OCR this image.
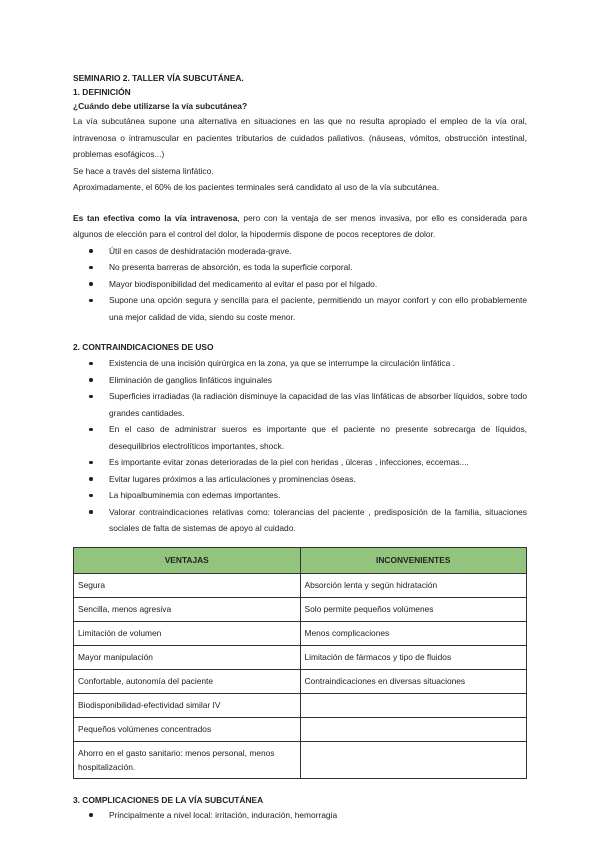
SEMINARIO 2. TALLER VÍA SUBCUTÁNEA.
1. DEFINICIÓN
¿Cuándo debe utilizarse la vía subcutánea?

La vía subcutánea supone una alternativa en situaciones en las que no resulta apropiado el empleo de la vía oral, intravenosa o intramuscular en pacientes tributarios de cuidados paliativos. (náuseas, vómitos, obstrucción intestinal, problemas esofágicos...)

Se hace a través del sistema linfático.

Aproximadamente, el 60% de los pacientes terminales será candidato al uso de la vía subcutánea.

Es tan efectiva como la vía intravenosa, pero con la ventaja de ser menos invasiva, por ello es considerada para algunos de elección para el control del dolor, la hipodermis dispone de pocos receptores de dolor.

Útil en casos de deshidratación moderada-grave.
No presenta barreras de absorción, es toda la superficie corporal.
Mayor biodisponibilidad del medicamento al evitar el paso por el hígado.
Supone una opción segura y sencilla para el paciente, permitiendo un mayor confort y con ello probablemente una mejor calidad de vida, siendo su coste menor.
2. CONTRAINDICACIONES DE USO
Existencia de una incisión quirúrgica en la zona, ya que se interrumpe la circulación linfática .
Eliminación de ganglios linfáticos inguinales
Superficies irradiadas (la radiación disminuye la capacidad de las vías linfáticas de absorber líquidos, sobre todo grandes cantidades.
En el caso de administrar sueros es importante que el paciente no presente sobrecarga de líquidos, desequilibrios electrolíticos importantes, shock.
Es importante evitar zonas deterioradas de la piel con heridas , úlceras , infecciones, eccemas....
Evitar lugares próximos a las articulaciones y prominencias óseas.
La hipoalbuminemia con edemas importantes.
Valorar contraindicaciones relativas como: tolerancias del paciente , predisposición de la familia, situaciones sociales de falta de sistemas de apoyo al cuidado.
VENTAJAS	INCONVENIENTES
Segura	Absorción lenta y según hidratación
Sencilla, menos agresiva	Solo permite pequeños volúmenes
Limitación de volumen	Menos complicaciones
Mayor manipulación	Limitación de fármacos y tipo de fluidos
Confortable, autonomía del paciente	Contraindicaciones en diversas situaciones
Biodisponibilidad-efectividad similar IV	
Pequeños volúmenes concentrados	
Ahorro en el gasto sanitario: menos personal, menos hospitalización.	
3. COMPLICACIONES DE LA VÍA SUBCUTÁNEA
Principalmente a nivel local: irritación, induración, hemorragia
